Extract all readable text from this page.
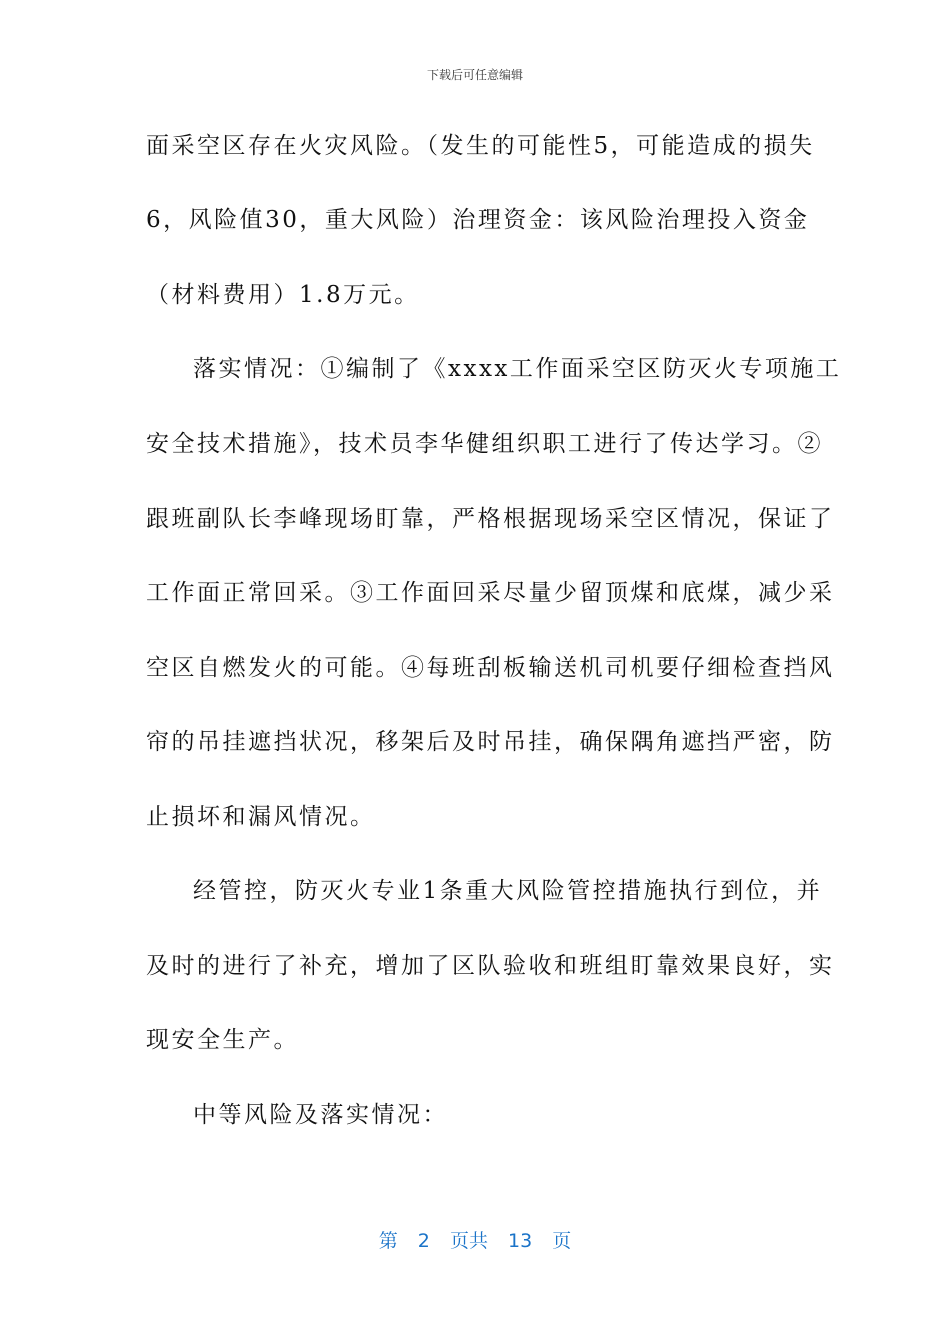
下载后可任意编辑
面采空区存在火灾风险。（发生的可能性5，可能造成的损失
6，风险值30，重大风险）治理资金：该风险治理投入资金
（材料费用）1.8万元。
落实情况：①编制了《xxxx工作面采空区防灭火专项施工
安全技术措施》，技术员李华健组织职工进行了传达学习。②
跟班副队长李峰现场盯靠，严格根据现场采空区情况，保证了
工作面正常回采。③工作面回采尽量少留顶煤和底煤，减少采
空区自燃发火的可能。④每班刮板输送机司机要仔细检查挡风
帘的吊挂遮挡状况，移架后及时吊挂，确保隅角遮挡严密，防
止损坏和漏风情况。
经管控，防灭火专业1条重大风险管控措施执行到位，并
及时的进行了补充，增加了区队验收和班组盯靠效果良好，实
现安全生产。
中等风险及落实情况：
第 2 页共 13 页
